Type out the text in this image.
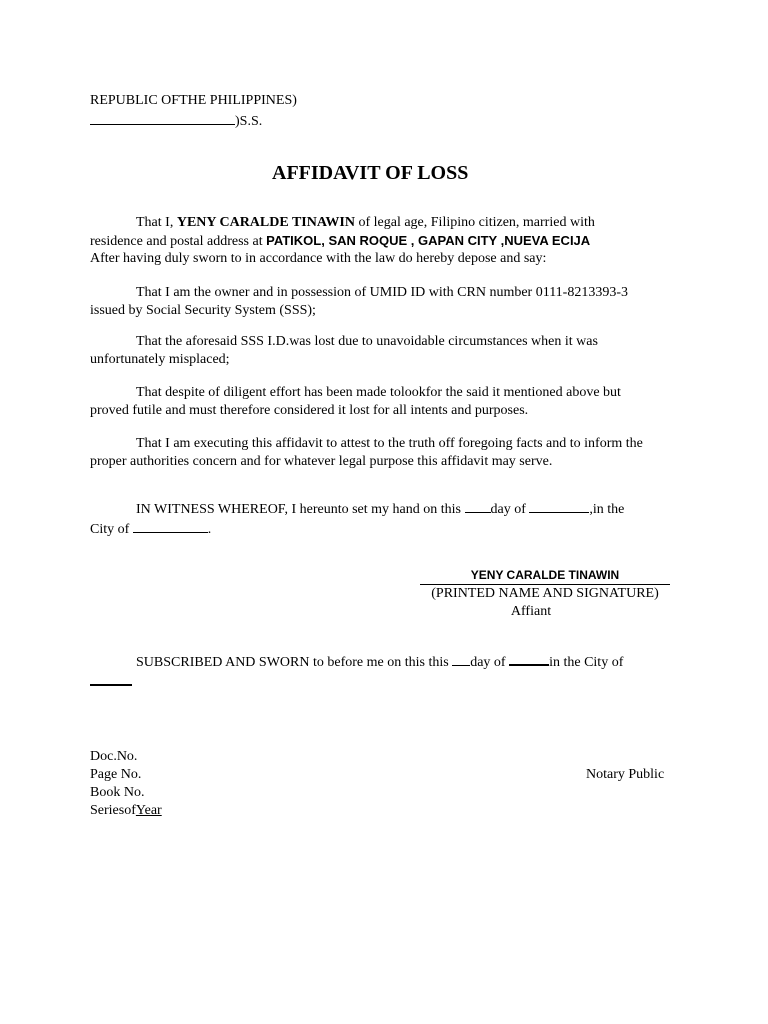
REPUBLIC OFTHE PHILIPPINES)
)S.S.
AFFIDAVIT OF LOSS
That I, YENY CARALDE TINAWIN of legal age, Filipino citizen, married with
residence and postal address at PATIKOL, SAN ROQUE , GAPAN CITY ,NUEVA ECIJA
After having duly sworn to in accordance with the law do hereby depose and say:
That I am the owner and in possession of UMID ID with CRN number 0111-8213393-3
issued by Social Security System (SSS);
That the aforesaid SSS I.D.was lost due to unavoidable circumstances when it was
unfortunately misplaced;
That despite of diligent effort has been made tolookfor the said it mentioned above but
proved futile and must therefore considered it lost for all intents and purposes.
That I am executing this affidavit to attest to the truth off foregoing facts and to inform the
proper authorities concern and for whatever legal purpose this affidavit may serve.
IN WITNESS WHEREOF, I hereunto set my hand on this day of	,in the
City of	.
YENY CARALDE TINAWIN
(PRINTED NAME AND SIGNATURE)
Affiant
SUBSCRIBED AND SWORN to before me on this this day of	in the City of
Doc.No.
Page No.
Book No.
SeriesofYear
Notary Public
